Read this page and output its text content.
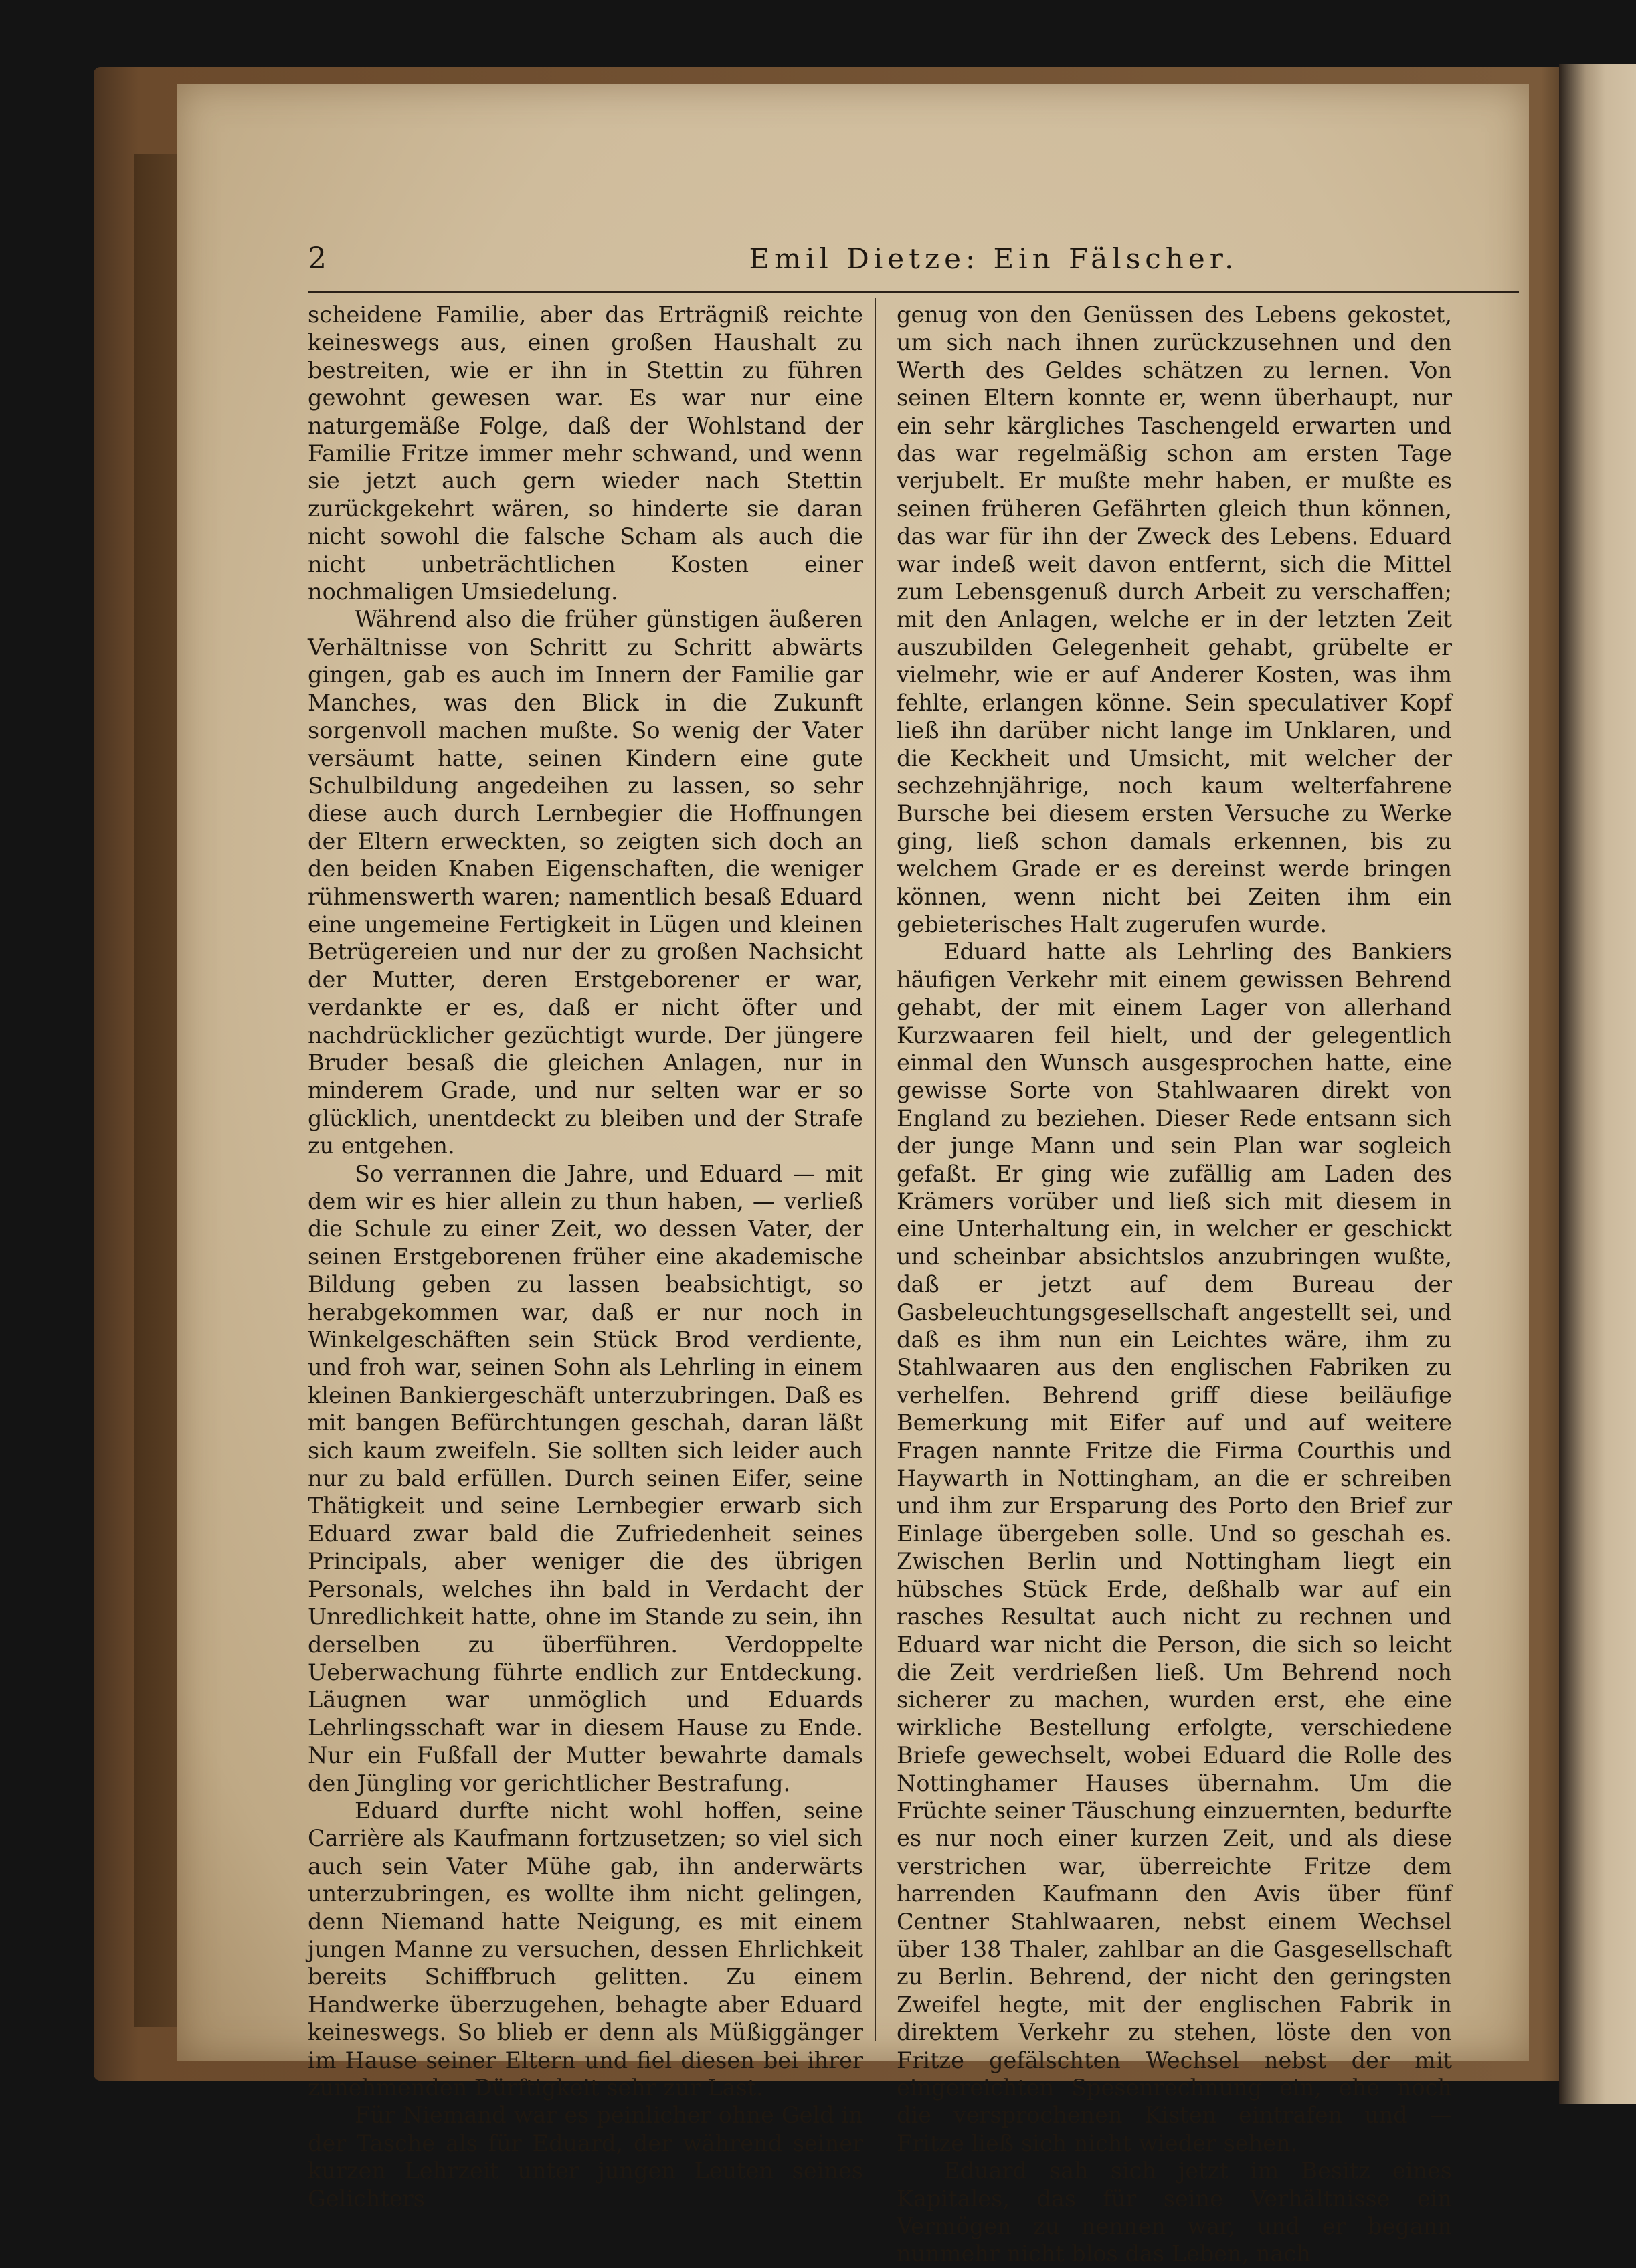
2	Emil Dietze: Ein Fälscher.

scheidene Familie, aber das Erträgniß reichte keineswegs aus, einen großen Haushalt zu bestreiten, wie er ihn in Stettin zu führen gewohnt gewesen war. Es war nur eine naturgemäße Folge, daß der Wohlstand der Familie Fritze immer mehr schwand, und wenn sie jetzt auch gern wieder nach Stettin zurückgekehrt wären, so hinderte sie daran nicht sowohl die falsche Scham als auch die nicht unbeträchtlichen Kosten einer nochmaligen Umsiedelung.

Während also die früher günstigen äußeren Verhältnisse von Schritt zu Schritt abwärts gingen, gab es auch im Innern der Familie gar Manches, was den Blick in die Zukunft sorgenvoll machen mußte. So wenig der Vater versäumt hatte, seinen Kindern eine gute Schulbildung angedeihen zu lassen, so sehr diese auch durch Lernbegier die Hoffnungen der Eltern erweckten, so zeigten sich doch an den beiden Knaben Eigenschaften, die weniger rühmenswerth waren; namentlich besaß Eduard eine ungemeine Fertigkeit in Lügen und kleinen Betrügereien und nur der zu großen Nachsicht der Mutter, deren Erstgeborener er war, verdankte er es, daß er nicht öfter und nachdrücklicher gezüchtigt wurde. Der jüngere Bruder besaß die gleichen Anlagen, nur in minderem Grade, und nur selten war er so glücklich, unentdeckt zu bleiben und der Strafe zu entgehen.

So verrannen die Jahre, und Eduard — mit dem wir es hier allein zu thun haben, — verließ die Schule zu einer Zeit, wo dessen Vater, der seinen Erstgeborenen früher eine akademische Bildung geben zu lassen beabsichtigt, so herabgekommen war, daß er nur noch in Winkelgeschäften sein Stück Brod verdiente, und froh war, seinen Sohn als Lehrling in einem kleinen Bankiergeschäft unterzubringen. Daß es mit bangen Befürchtungen geschah, daran läßt sich kaum zweifeln. Sie sollten sich leider auch nur zu bald erfüllen. Durch seinen Eifer, seine Thätigkeit und seine Lernbegier erwarb sich Eduard zwar bald die Zufriedenheit seines Principals, aber weniger die des übrigen Personals, welches ihn bald in Verdacht der Unredlichkeit hatte, ohne im Stande zu sein, ihn derselben zu überführen. Verdoppelte Ueberwachung führte endlich zur Entdeckung. Läugnen war unmöglich und Eduards Lehrlingsschaft war in diesem Hause zu Ende. Nur ein Fußfall der Mutter bewahrte damals den Jüngling vor gerichtlicher Bestrafung.

Eduard durfte nicht wohl hoffen, seine Carrière als Kaufmann fortzusetzen; so viel sich auch sein Vater Mühe gab, ihn anderwärts unterzubringen, es wollte ihm nicht gelingen, denn Niemand hatte Neigung, es mit einem jungen Manne zu versuchen, dessen Ehrlichkeit bereits Schiffbruch gelitten. Zu einem Handwerke überzugehen, behagte aber Eduard keineswegs. So blieb er denn als Müßiggänger im Hause seiner Eltern und fiel diesen bei ihrer zunehmenden Dürftigkeit sehr zur Last.

Für Niemand war es peinlicher ohne Geld in der Tasche als für Eduard, der während seiner kurzen Lehrzeit unter jungen Leuten seines Gelichters

genug von den Genüssen des Lebens gekostet, um sich nach ihnen zurückzusehnen und den Werth des Geldes schätzen zu lernen. Von seinen Eltern konnte er, wenn überhaupt, nur ein sehr kärgliches Taschengeld erwarten und das war regelmäßig schon am ersten Tage verjubelt. Er mußte mehr haben, er mußte es seinen früheren Gefährten gleich thun können, das war für ihn der Zweck des Lebens. Eduard war indeß weit davon entfernt, sich die Mittel zum Lebensgenuß durch Arbeit zu verschaffen; mit den Anlagen, welche er in der letzten Zeit auszubilden Gelegenheit gehabt, grübelte er vielmehr, wie er auf Anderer Kosten, was ihm fehlte, erlangen könne. Sein speculativer Kopf ließ ihn darüber nicht lange im Unklaren, und die Keckheit und Umsicht, mit welcher der sechzehnjährige, noch kaum welterfahrene Bursche bei diesem ersten Versuche zu Werke ging, ließ schon damals erkennen, bis zu welchem Grade er es dereinst werde bringen können, wenn nicht bei Zeiten ihm ein gebieterisches Halt zugerufen wurde.

Eduard hatte als Lehrling des Bankiers häufigen Verkehr mit einem gewissen Behrend gehabt, der mit einem Lager von allerhand Kurzwaaren feil hielt, und der gelegentlich einmal den Wunsch ausgesprochen hatte, eine gewisse Sorte von Stahlwaaren direkt von England zu beziehen. Dieser Rede entsann sich der junge Mann und sein Plan war sogleich gefaßt. Er ging wie zufällig am Laden des Krämers vorüber und ließ sich mit diesem in eine Unterhaltung ein, in welcher er geschickt und scheinbar absichtslos anzubringen wußte, daß er jetzt auf dem Bureau der Gasbeleuchtungsgesellschaft angestellt sei, und daß es ihm nun ein Leichtes wäre, ihm zu Stahlwaaren aus den englischen Fabriken zu verhelfen. Behrend griff diese beiläufige Bemerkung mit Eifer auf und auf weitere Fragen nannte Fritze die Firma Courthis und Haywarth in Nottingham, an die er schreiben und ihm zur Ersparung des Porto den Brief zur Einlage übergeben solle. Und so geschah es. Zwischen Berlin und Nottingham liegt ein hübsches Stück Erde, deßhalb war auf ein rasches Resultat auch nicht zu rechnen und Eduard war nicht die Person, die sich so leicht die Zeit verdrießen ließ. Um Behrend noch sicherer zu machen, wurden erst, ehe eine wirkliche Bestellung erfolgte, verschiedene Briefe gewechselt, wobei Eduard die Rolle des Nottinghamer Hauses übernahm. Um die Früchte seiner Täuschung einzuernten, bedurfte es nur noch einer kurzen Zeit, und als diese verstrichen war, überreichte Fritze dem harrenden Kaufmann den Avis über fünf Centner Stahlwaaren, nebst einem Wechsel über 138 Thaler, zahlbar an die Gasgesellschaft zu Berlin. Behrend, der nicht den geringsten Zweifel hegte, mit der englischen Fabrik in direktem Verkehr zu stehen, löste den von Fritze gefälschten Wechsel nebst der mit eingereichten Spesenrechnung ein, ehe noch die versprochenen Kisten eintrafen und — Fritze ließ sich nicht wieder sehen.

Eduard sah sich jetzt im Besitz eines Kapitales, das für seine Verhältnisse ein Vermögen zu nennen war, und er begann nunmehr nicht blos das Leben, nach
